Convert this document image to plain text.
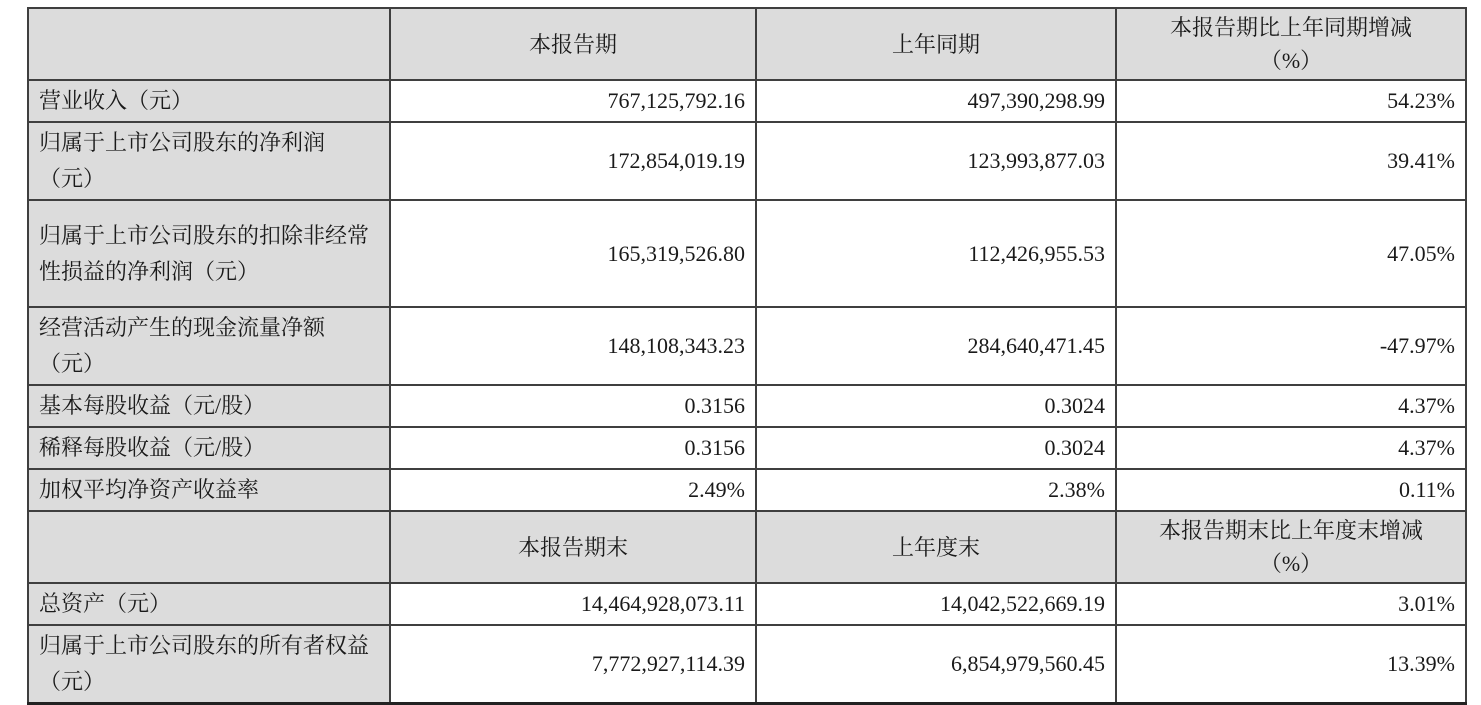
	本报告期	上年同期	本报告期比上年同期增减
（%）

营业收入（元）	767,125,792.16	497,390,298.99	54.23%
归属于上市公司股东的净利润（元）	172,854,019.19	123,993,877.03	39.41%
归属于上市公司股东的扣除非经常性损益的净利润（元）	165,319,526.80	112,426,955.53	47.05%
经营活动产生的现金流量净额（元）	148,108,343.23	284,640,471.45	-47.97%
基本每股收益（元/股）	0.3156	0.3024	4.37%
稀释每股收益（元/股）	0.3156	0.3024	4.37%
加权平均净资产收益率	2.49%	2.38%	0.11%
	本报告期末	上年度末	本报告期末比上年度末增减
（%）

总资产（元）	14,464,928,073.11	14,042,522,669.19	3.01%
归属于上市公司股东的所有者权益（元）	7,772,927,114.39	6,854,979,560.45	13.39%
